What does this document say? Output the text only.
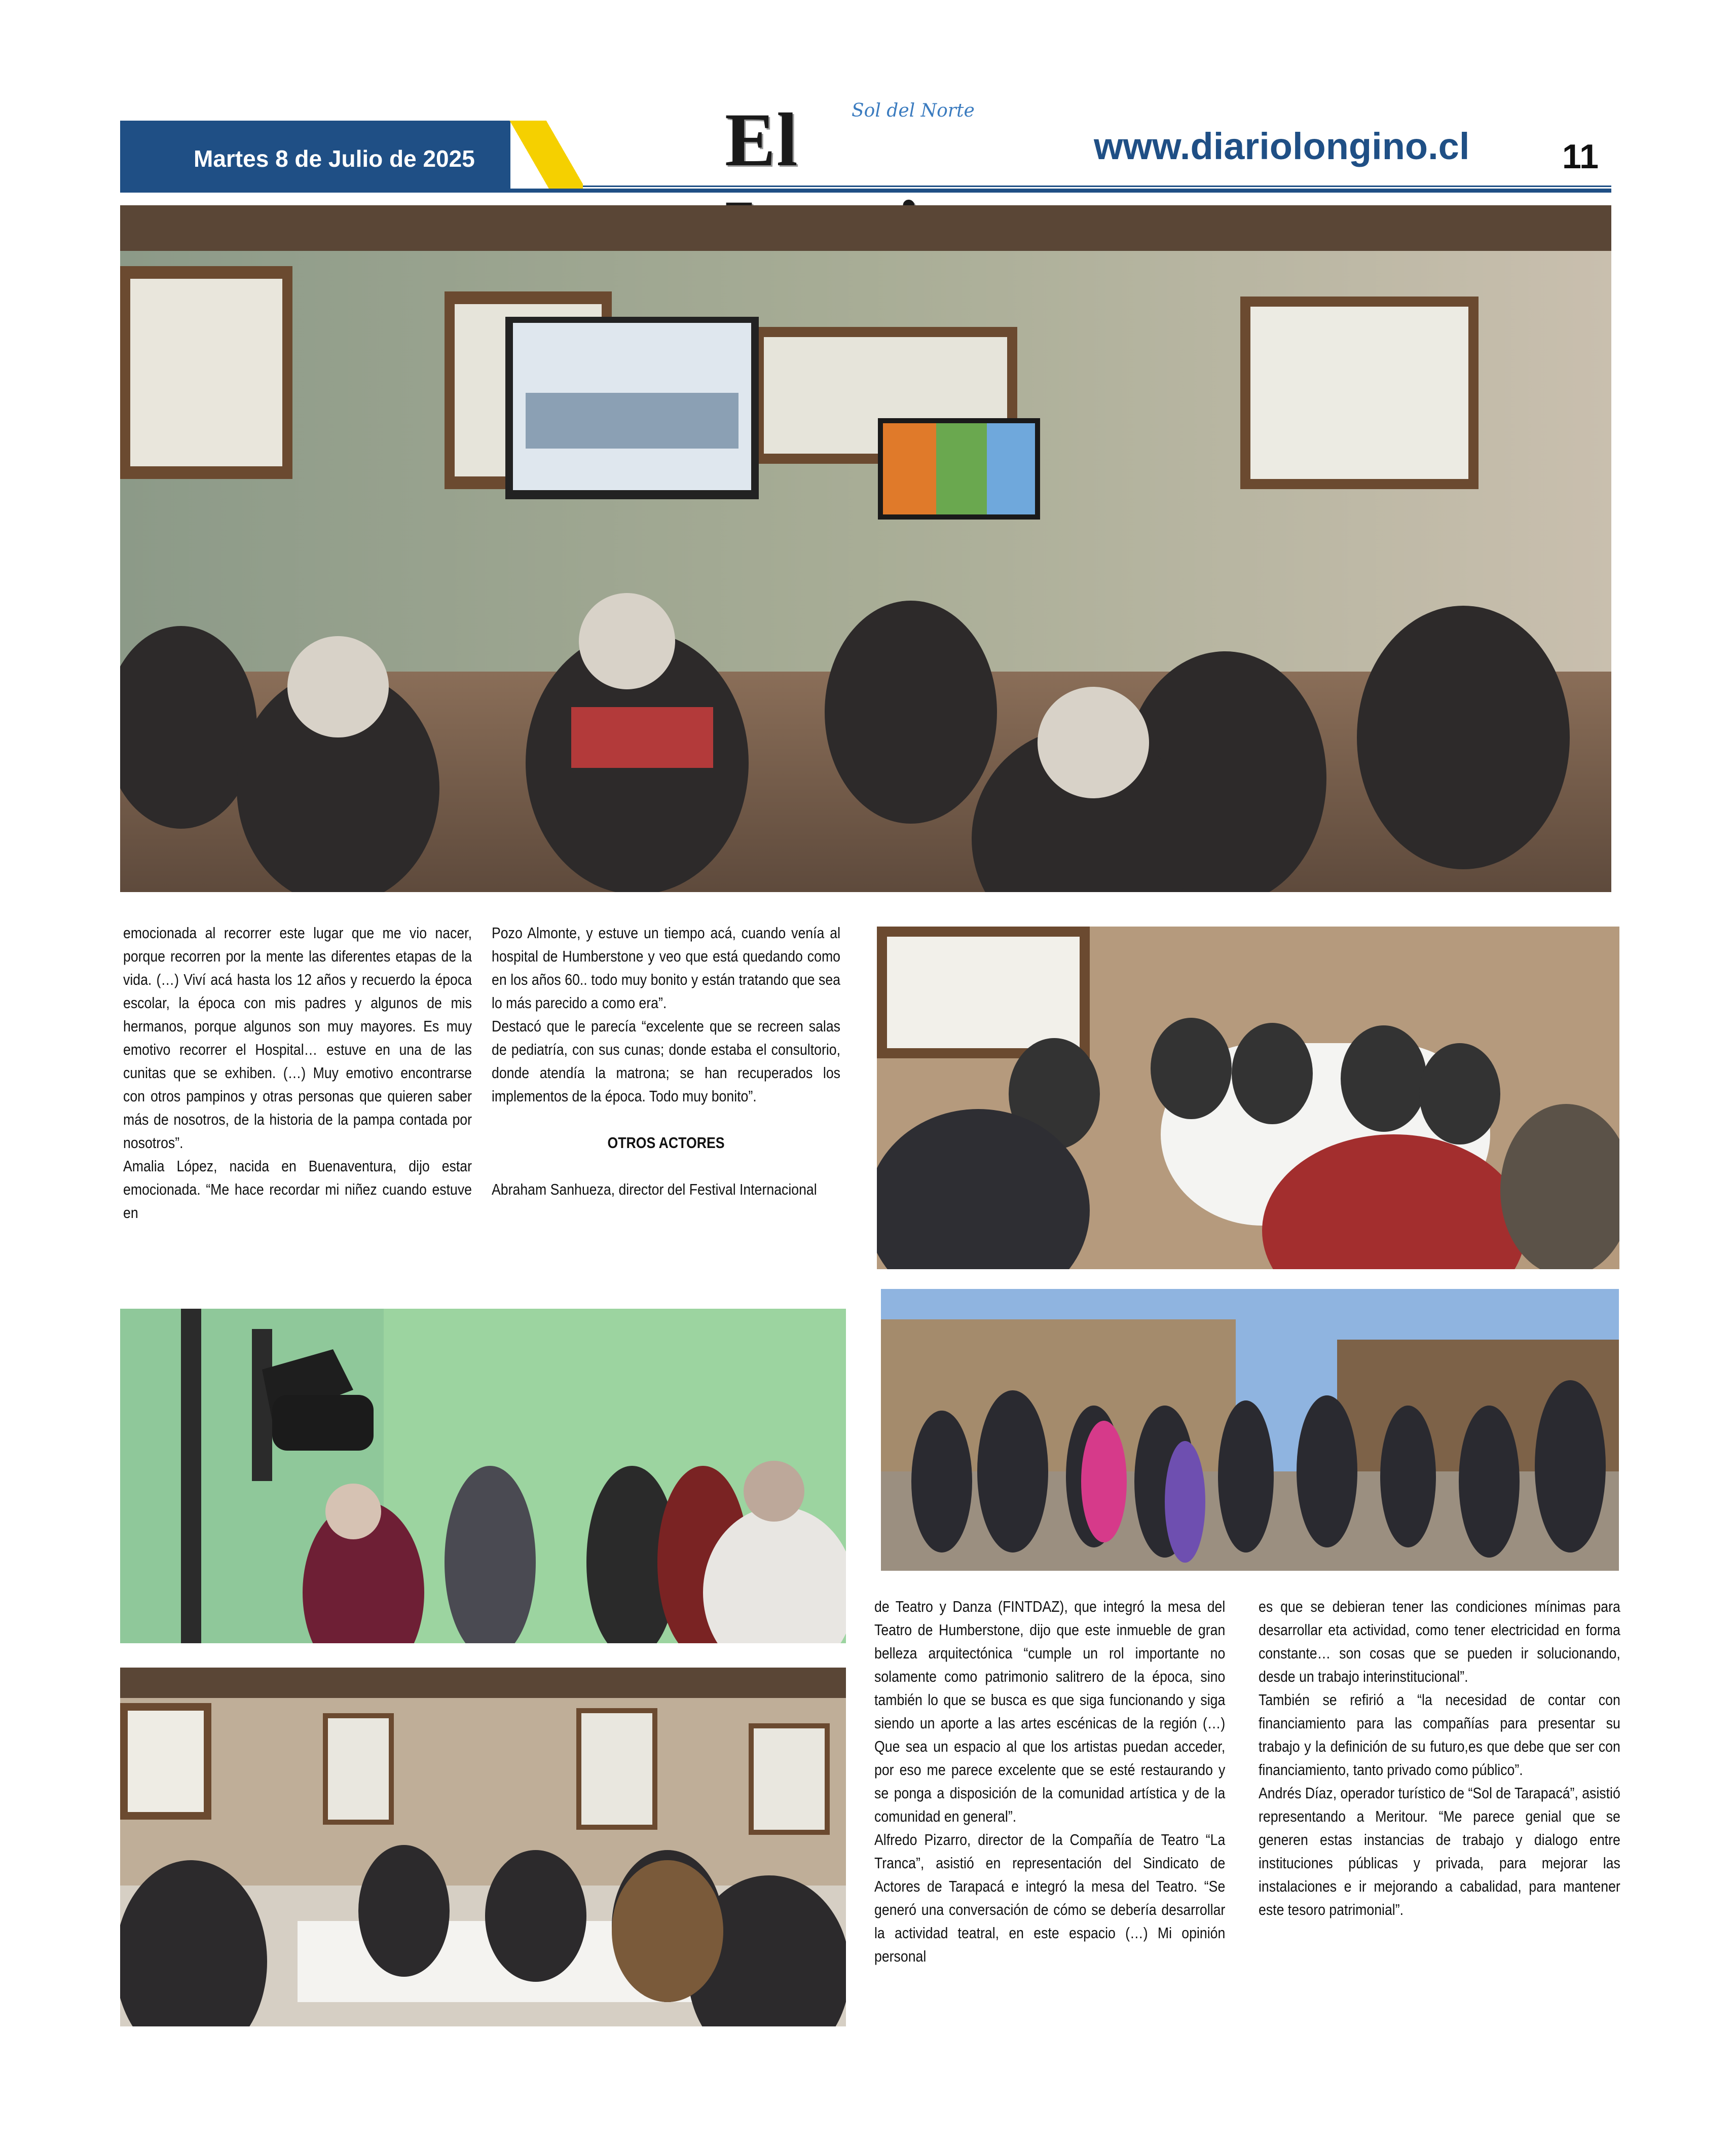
Martes 8 de Julio de 2025	El	Sol del Norte
www.diariolongino.cl	11

emocionada al recorrer este lugar que me vio nacer, porque recorren por la mente las diferentes etapas de la vida. (…) Viví acá hasta los 12 años y recuerdo la época escolar, la época con mis padres y algunos de mis hermanos, porque algunos son muy mayores. Es muy emotivo recorrer el Hospital… estuve en una de las cunitas que se exhiben. (…) Muy emotivo encontrarse con otros pampinos y otras personas que quieren saber más de nosotros, de la historia de la pampa contada por nosotros”.

Amalia López, nacida en Buenaventura, dijo estar emocionada. “Me hace recordar mi niñez cuando estuve en

Pozo Almonte, y estuve un tiempo acá, cuando venía al hospital de Humberstone y veo que está quedando como en los años 60.. todo muy bonito y están tratando que sea lo más parecido a como era”.

Destacó que le parecía “excelente que se recreen salas de pediatría, con sus cunas; donde estaba el consultorio, donde atendía la matrona; se han recuperados los implementos de la época. Todo muy bonito”.

OTROS ACTORES

Abraham Sanhueza, director del Festival Internacional

de Teatro y Danza (FINTDAZ), que integró la mesa del Teatro de Humberstone, dijo que este inmueble de gran belleza arquitectónica “cumple un rol importante no solamente como patrimonio salitrero de la época, sino también lo que se busca es que siga funcionando y siga siendo un aporte a las artes escénicas de la región (…) Que sea un espacio al que los artistas puedan acceder, por eso me parece excelente que se esté restaurando y se ponga a disposición de la comunidad artística y de la comunidad en general”.

Alfredo Pizarro, director de la Compañía de Teatro “La Tranca”, asistió en representación del Sindicato de Actores de Tarapacá e integró la mesa del Teatro. “Se generó una conversación de cómo se debería desarrollar la actividad teatral, en este espacio (…) Mi opinión personal

es que se debieran tener las condiciones mínimas para desarrollar eta actividad, como tener electricidad en forma constante… son cosas que se pueden ir solucionando, desde un trabajo interinstitucional”.

También se refirió a “la necesidad de contar con financiamiento para las compañías para presentar su trabajo y la definición de su futuro,es que debe que ser con financiamiento, tanto privado como público”.

Andrés Díaz, operador turístico de “Sol de Tarapacá”, asistió representando a Meritour. “Me parece genial que se generen estas instancias de trabajo y dialogo entre instituciones públicas y privada, para mejorar las instalaciones e ir mejorando a cabalidad, para mantener este tesoro patrimonial”.
